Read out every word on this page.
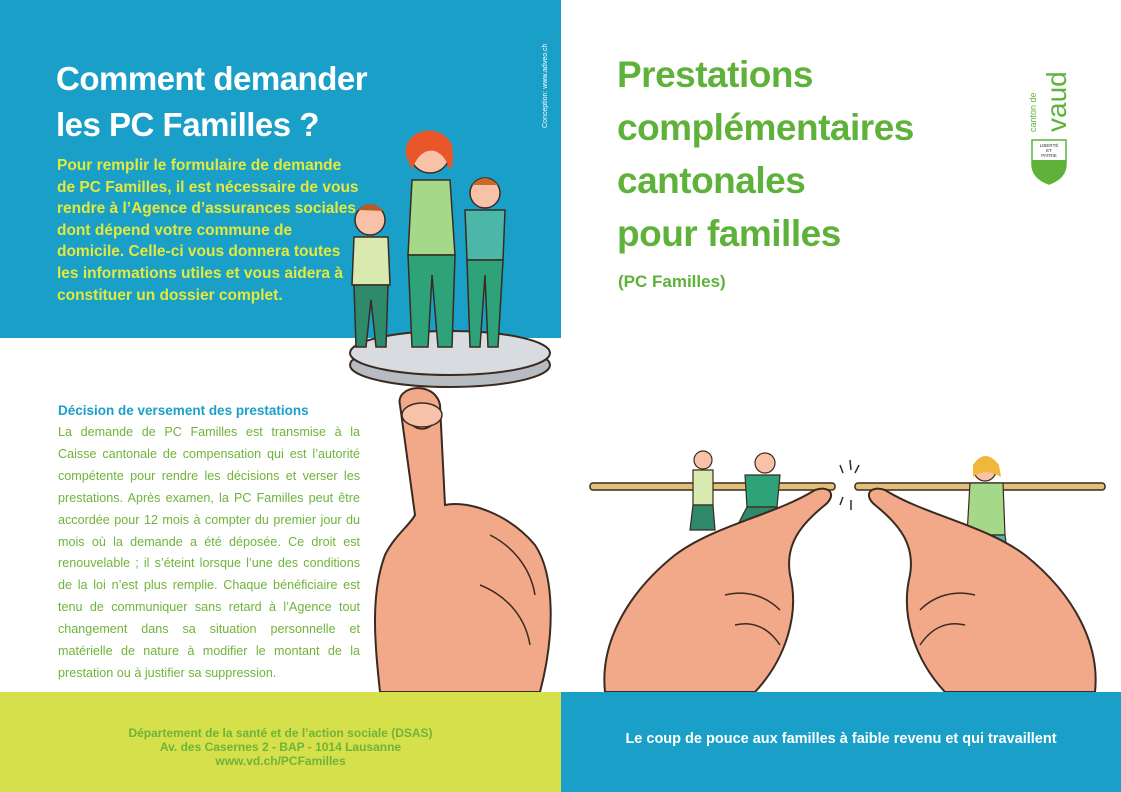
Comment demander
les PC Familles ?
Pour remplir le formulaire de demande de PC Familles, il est nécessaire de vous rendre à l’Agence d’assurances sociales dont dépend votre commune de domicile. Celle-ci vous donnera toutes les informations utiles et vous aidera à constituer un dossier complet.
Conception: www.adveo.ch
Décision de versement des prestations
La demande de PC Familles est transmise à la Caisse cantonale de compensation qui est l’autorité compétente pour rendre les décisions et verser les prestations. Après examen, la PC Familles peut être accordée pour 12 mois à compter du premier jour du mois où la demande a été déposée. Ce droit est renouvelable ; il s’éteint lorsque l’une des conditions de la loi n’est plus remplie. Chaque bénéficiaire est tenu de communiquer sans retard à l’Agence tout changement dans sa situation personnelle et matérielle de nature à modifier le montant de la prestation ou à justifier sa suppression.
Département de la santé et de l’action sociale (DSAS)
Av. des Casernes 2 - BAP - 1014 Lausanne
www.vd.ch/PCFamilles
Prestations
complémentaires
cantonales
pour familles
(PC Familles)
canton de vaud
LIBERTÉ
ET
PATRIE
Le coup de pouce aux familles à faible revenu et qui travaillent
